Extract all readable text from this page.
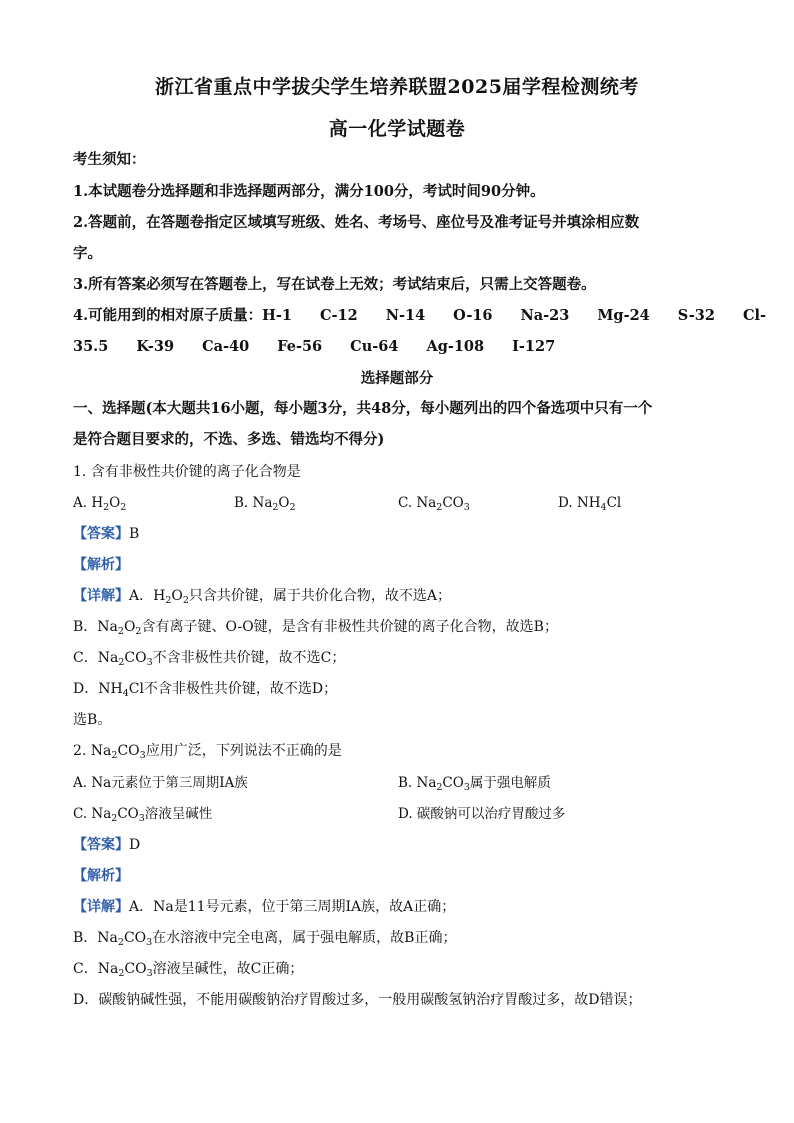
浙江省重点中学拔尖学生培养联盟2025届学程检测统考
高一化学试题卷
考生须知：
1.本试题卷分选择题和非选择题两部分，满分100分，考试时间90分钟。
2.答题前，在答题卷指定区域填写班级、姓名、考场号、座位号及准考证号并填涂相应数
字。
3.所有答案必须写在答题卷上，写在试卷上无效；考试结束后，只需上交答题卷。
4.可能用到的相对原子质量：H-1 C-12 N-14 O-16 Na-23 Mg-24 S-32 Cl-
35.5 K-39 Ca-40 Fe-56 Cu-64 Ag-108 I-127
选择题部分
一、选择题(本大题共16小题，每小题3分，共48分，每小题列出的四个备选项中只有一个
是符合题目要求的，不选、多选、错选均不得分)
1. 含有非极性共价键的离子化合物是
A. $H_2O_2$	B. $Na_2O_2$	C. $Na_2CO_3$	D. $NH_4Cl$
【答案】B
【解析】
【详解】A．$H_2O_2$只含共价键，属于共价化合物，故不选A；
B．$Na_2O_2$含有离子键、O-O键，是含有非极性共价键的离子化合物，故选B；
C．$Na_2CO_3$不含非极性共价键，故不选C；
D．$NH_4Cl$不含非极性共价键，故不选D；
选B。
2. $Na_2CO_3$应用广泛，下列说法不正确的是
A. Na元素位于第三周期IA族	B. $Na_2CO_3$属于强电解质
C. $Na_2CO_3$溶液呈碱性	D. 碳酸钠可以治疗胃酸过多
【答案】D
【解析】
【详解】A．Na是11号元素，位于第三周期IA族，故A正确；
B．$Na_2CO_3$在水溶液中完全电离，属于强电解质，故B正确；
C．$Na_2CO_3$溶液呈碱性，故C正确；
D．碳酸钠碱性强，不能用碳酸钠治疗胃酸过多，一般用碳酸氢钠治疗胃酸过多，故D错误；
